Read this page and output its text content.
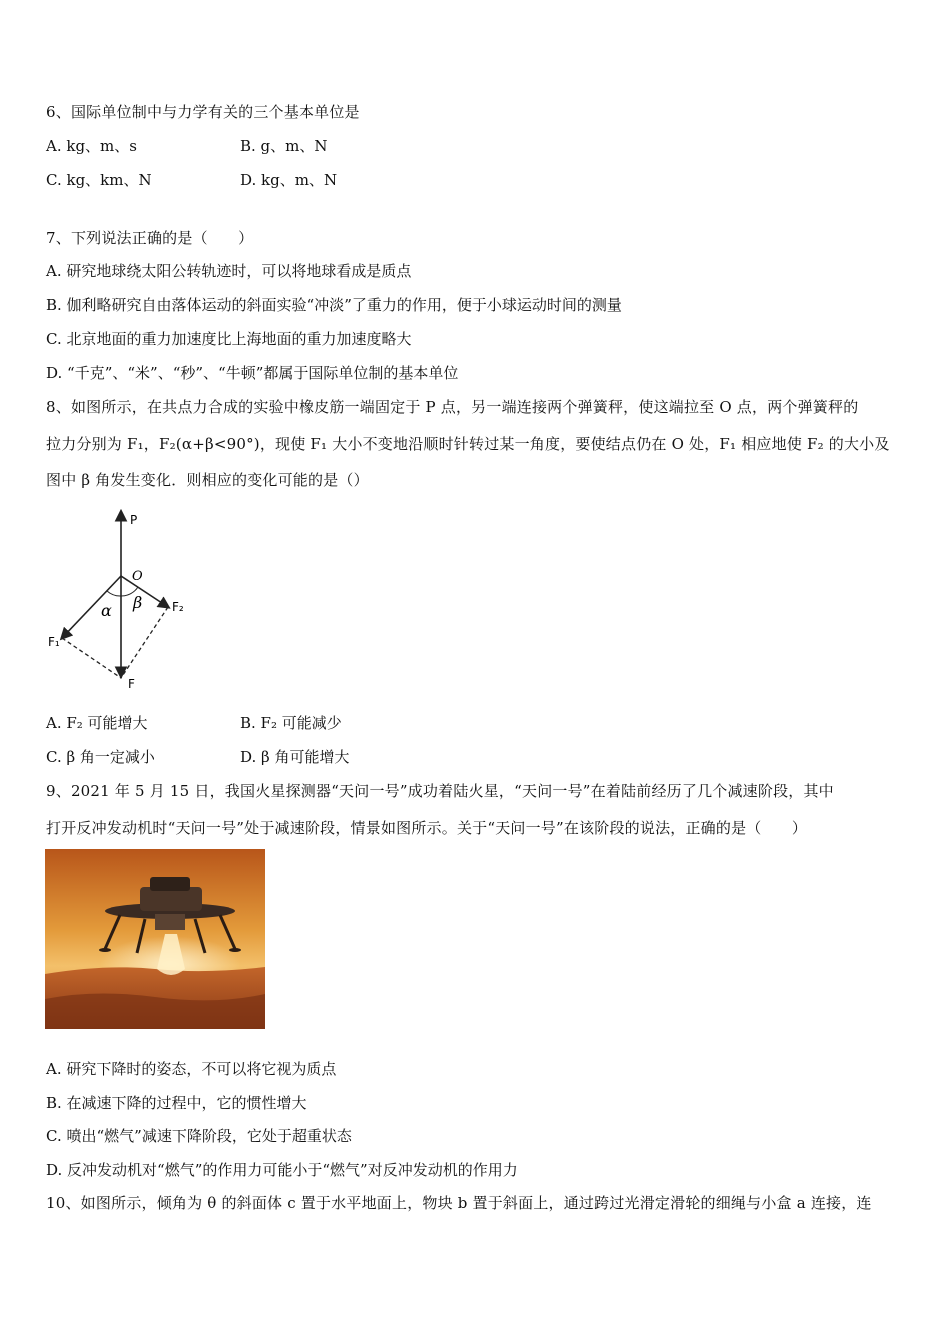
6、国际单位制中与力学有关的三个基本单位是
A. kg、m、s	B. g、m、N
C. kg、km、N	D. kg、m、N
7、下列说法正确的是（　　）
A. 研究地球绕太阳公转轨迹时，可以将地球看成是质点
B. 伽利略研究自由落体运动的斜面实验“冲淡”了重力的作用，便于小球运动时间的测量
C. 北京地面的重力加速度比上海地面的重力加速度略大
D. “千克”、“米”、“秒”、“牛顿”都属于国际单位制的基本单位
8、如图所示，在共点力合成的实验中橡皮筋一端固定于 P 点，另一端连接两个弹簧秤，使这端拉至 O 点，两个弹簧秤的
拉力分别为 F₁，F₂(α+β<90°)，现使 F₁ 大小不变地沿顺时针转过某一角度，要使结点仍在 O 处，F₁ 相应地使 F₂ 的大小及
图中 β 角发生变化．则相应的变化可能的是（）
P
O
α β
F₁
F₂
F
A. F₂ 可能增大	B. F₂ 可能减少
C. β 角一定减小	D. β 角可能增大
9、2021 年 5 月 15 日，我国火星探测器“天问一号”成功着陆火星，“天问一号”在着陆前经历了几个减速阶段，其中
打开反冲发动机时“天问一号”处于减速阶段，情景如图所示。关于“天问一号”在该阶段的说法，正确的是（　　）
A. 研究下降时的姿态，不可以将它视为质点
B. 在减速下降的过程中，它的惯性增大
C. 喷出“燃气”减速下降阶段，它处于超重状态
D. 反冲发动机对“燃气”的作用力可能小于“燃气”对反冲发动机的作用力
10、如图所示，倾角为 θ 的斜面体 c 置于水平地面上，物块 b 置于斜面上，通过跨过光滑定滑轮的细绳与小盒 a 连接，连
